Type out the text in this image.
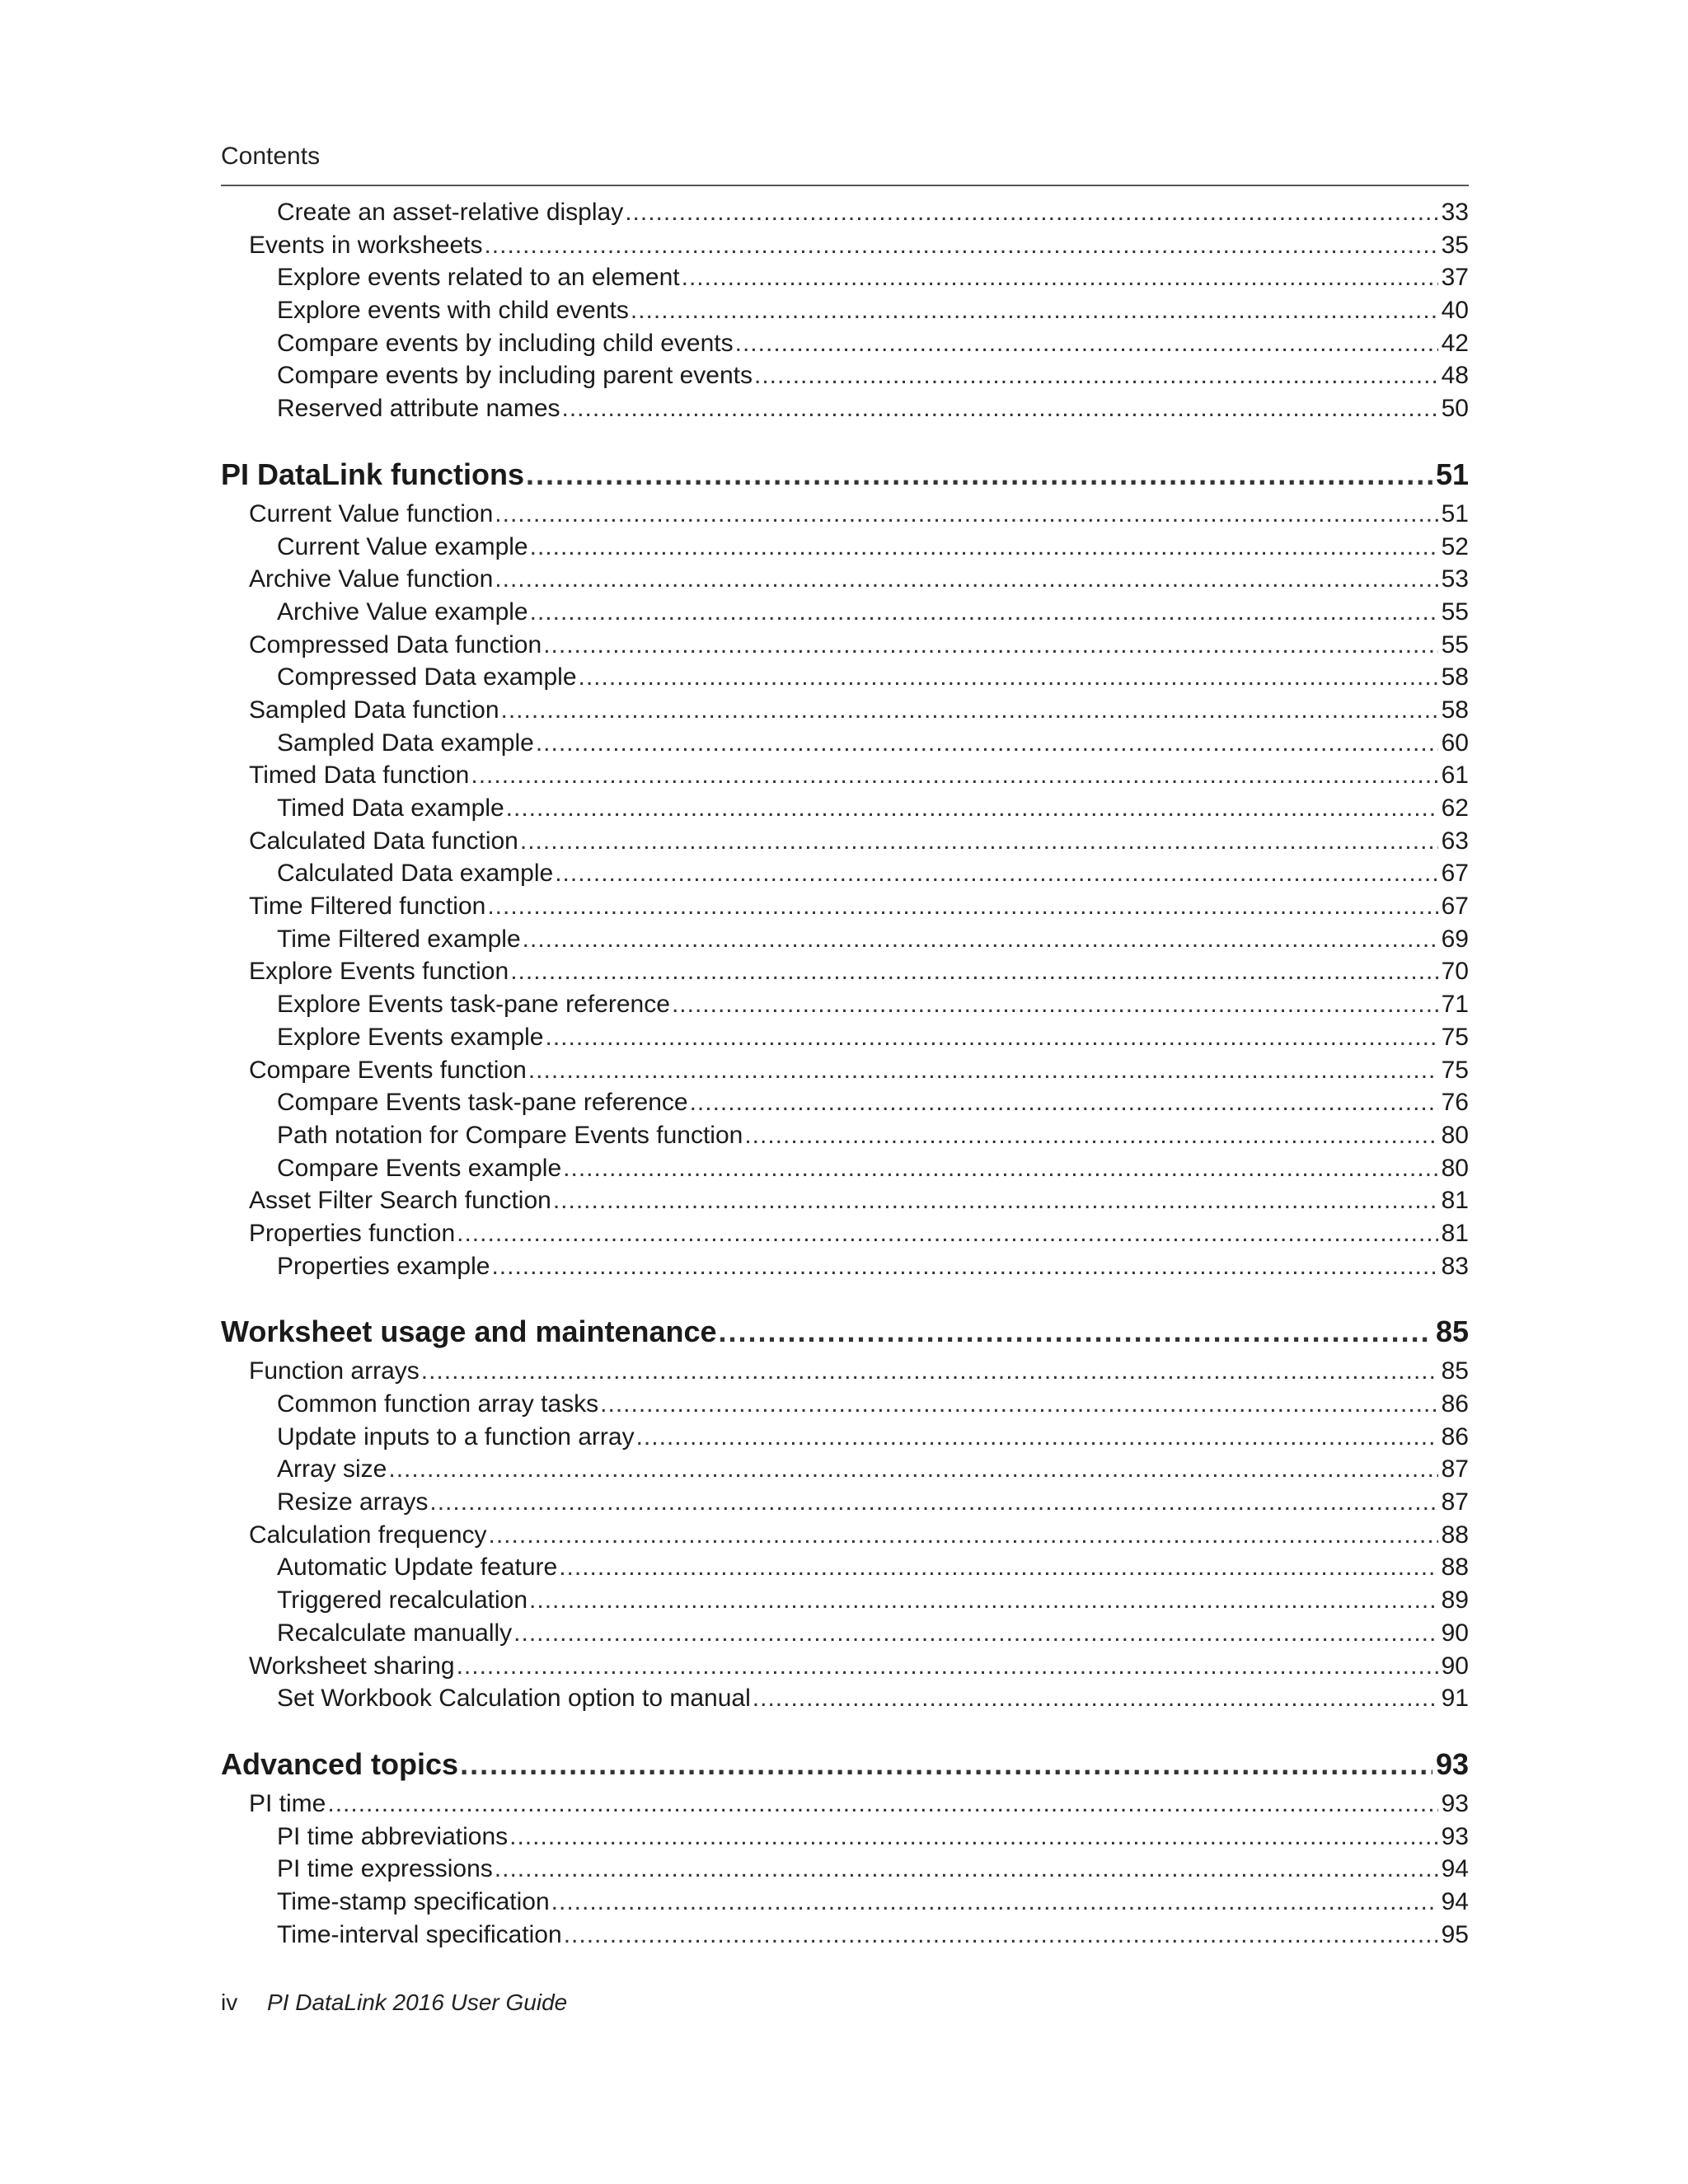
Contents
Create an asset-relative display .....	33
Events in worksheets .....	35
Explore events related to an element .....	37
Explore events with child events .....	40
Compare events by including child events .....	42
Compare events by including parent events .....	48
Reserved attribute names .....	50
PI DataLink functions .....	51
Current Value function .....	51
Current Value example .....	52
Archive Value function .....	53
Archive Value example .....	55
Compressed Data function .....	55
Compressed Data example .....	58
Sampled Data function .....	58
Sampled Data example .....	60
Timed Data function .....	61
Timed Data example .....	62
Calculated Data function .....	63
Calculated Data example .....	67
Time Filtered function .....	67
Time Filtered example .....	69
Explore Events function .....	70
Explore Events task-pane reference .....	71
Explore Events example .....	75
Compare Events function .....	75
Compare Events task-pane reference .....	76
Path notation for Compare Events function .....	80
Compare Events example .....	80
Asset Filter Search function .....	81
Properties function .....	81
Properties example .....	83
Worksheet usage and maintenance .....	85
Function arrays .....	85
Common function array tasks .....	86
Update inputs to a function array .....	86
Array size .....	87
Resize arrays .....	87
Calculation frequency .....	88
Automatic Update feature .....	88
Triggered recalculation .....	89
Recalculate manually .....	90
Worksheet sharing .....	90
Set Workbook Calculation option to manual .....	91
Advanced topics .....	93
PI time .....	93
PI time abbreviations .....	93
PI time expressions .....	94
Time-stamp specification .....	94
Time-interval specification .....	95
iv PI DataLink 2016 User Guide
